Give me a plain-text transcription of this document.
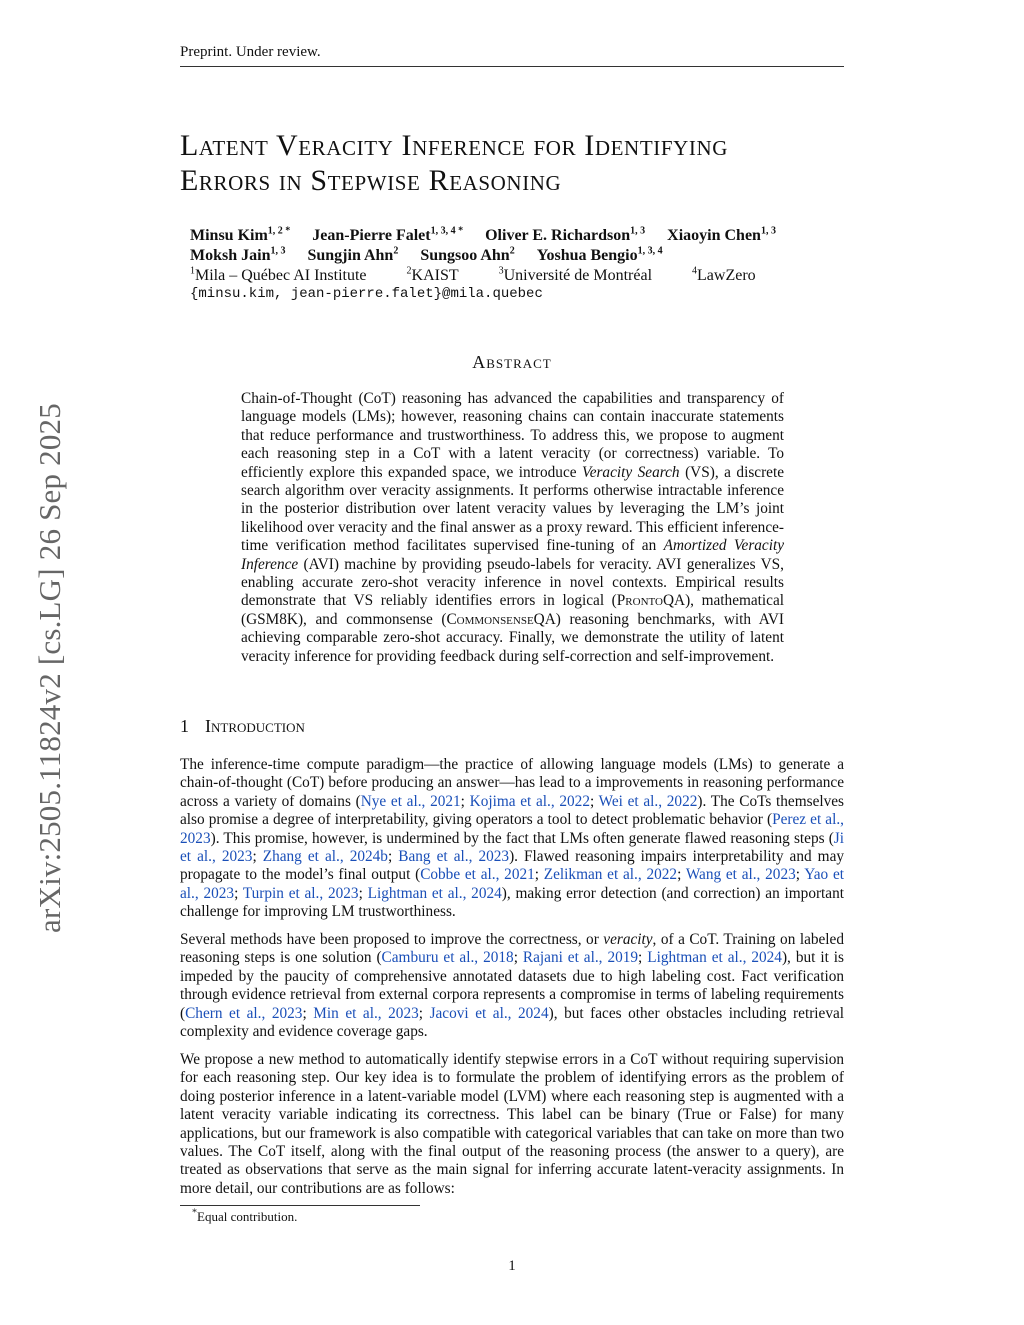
Preprint. Under review.
arXiv:2505.11824v2 [cs.LG] 26 Sep 2025
Latent Veracity Inference for Identifying
Errors in Stepwise Reasoning
Minsu Kim$^{1, 2 *}$ Jean-Pierre Falet$^{1, 3, 4 *}$ Oliver E. Richardson$^{1, 3}$ Xiaoyin Chen$^{1, 3}$
Moksh Jain$^{1, 3}$ Sungjin Ahn$^2$ Sungsoo Ahn$^2$ Yoshua Bengio$^{1, 3, 4}$
$^1$Mila – Québec AI Institute	$^2$KAIST	$^3$Université de Montréal	$^4$LawZero
{minsu.kim, jean-pierre.falet}@mila.quebec
Abstract
Chain-of-Thought (CoT) reasoning has advanced the capabilities and transparency of language models (LMs); however, reasoning chains can contain inaccurate statements that reduce performance and trustworthiness. To address this, we propose to augment each reasoning step in a CoT with a latent veracity (or correctness) variable. To efficiently explore this expanded space, we introduce Veracity Search (VS), a discrete search algorithm over veracity assignments. It performs otherwise intractable inference in the posterior distribution over latent veracity values by leveraging the LM’s joint likelihood over veracity and the final answer as a proxy reward. This efficient inference-time verification method facilitates supervised fine-tuning of an Amortized Veracity Inference (AVI) machine by providing pseudo-labels for veracity. AVI generalizes VS, enabling accurate zero-shot veracity inference in novel contexts. Empirical results demonstrate that VS reliably identifies errors in logical (ProntoQA), mathematical (GSM8K), and commonsense (CommonsenseQA) reasoning benchmarks, with AVI achieving comparable zero-shot accuracy. Finally, we demonstrate the utility of latent veracity inference for providing feedback during self-correction and self-improvement.
1 Introduction
The inference-time compute paradigm—the practice of allowing language models (LMs) to generate a chain-of-thought (CoT) before producing an answer—has lead to a improvements in reasoning performance across a variety of domains (Nye et al., 2021; Kojima et al., 2022; Wei et al., 2022). The CoTs themselves also promise a degree of interpretability, giving operators a tool to detect problematic behavior (Perez et al., 2023). This promise, however, is undermined by the fact that LMs often generate flawed reasoning steps (Ji et al., 2023; Zhang et al., 2024b; Bang et al., 2023). Flawed reasoning impairs interpretability and may propagate to the model’s final output (Cobbe et al., 2021; Zelikman et al., 2022; Wang et al., 2023; Yao et al., 2023; Turpin et al., 2023; Lightman et al., 2024), making error detection (and correction) an important challenge for improving LM trustworthiness.
Several methods have been proposed to improve the correctness, or veracity, of a CoT. Training on labeled reasoning steps is one solution (Camburu et al., 2018; Rajani et al., 2019; Lightman et al., 2024), but it is impeded by the paucity of comprehensive annotated datasets due to high labeling cost. Fact verification through evidence retrieval from external corpora represents a compromise in terms of labeling requirements (Chern et al., 2023; Min et al., 2023; Jacovi et al., 2024), but faces other obstacles including retrieval complexity and evidence coverage gaps.
We propose a new method to automatically identify stepwise errors in a CoT without requiring supervision for each reasoning step. Our key idea is to formulate the problem of identifying errors as the problem of doing posterior inference in a latent-variable model (LVM) where each reasoning step is augmented with a latent veracity variable indicating its correctness. This label can be binary (True or False) for many applications, but our framework is also compatible with categorical variables that can take on more than two values. The CoT itself, along with the final output of the reasoning process (the answer to a query), are treated as observations that serve as the main signal for inferring accurate latent-veracity assignments. In more detail, our contributions are as follows:
*Equal contribution.
1
